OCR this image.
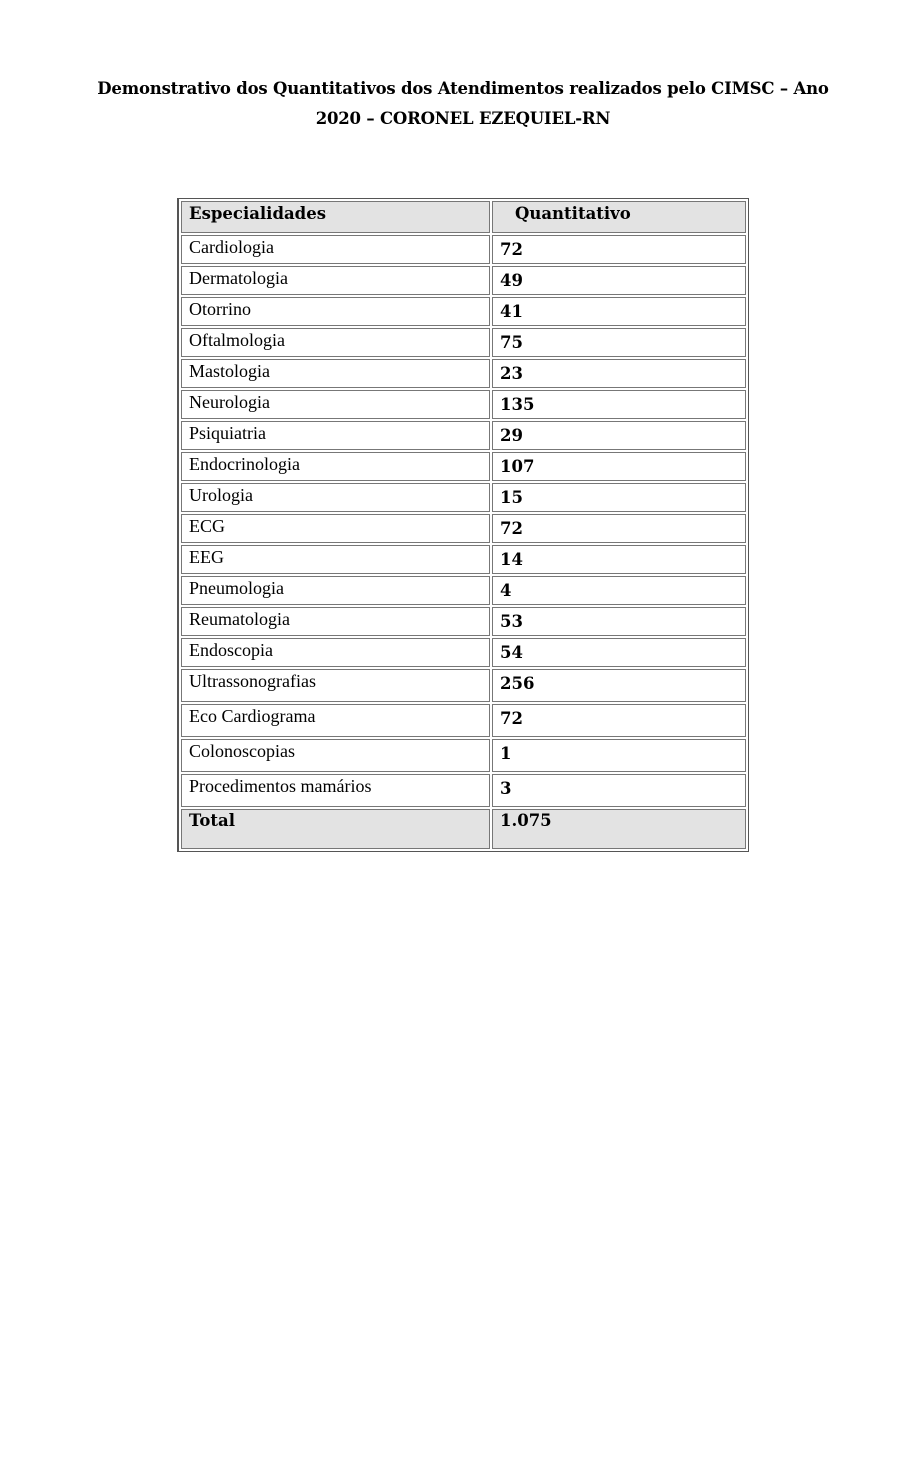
Demonstrativo dos Quantitativos dos Atendimentos realizados pelo CIMSC – Ano
2020 – CORONEL EZEQUIEL-RN
Especialidades	Quantitativo
Cardiologia	72
Dermatologia	49
Otorrino	41
Oftalmologia	75
Mastologia	23
Neurologia	135
Psiquiatria	29
Endocrinologia	107
Urologia	15
ECG	72
EEG	14
Pneumologia	4
Reumatologia	53
Endoscopia	54
Ultrassonografias	256
Eco Cardiograma	72
Colonoscopias	1
Procedimentos mamários	3
Total	1.075
